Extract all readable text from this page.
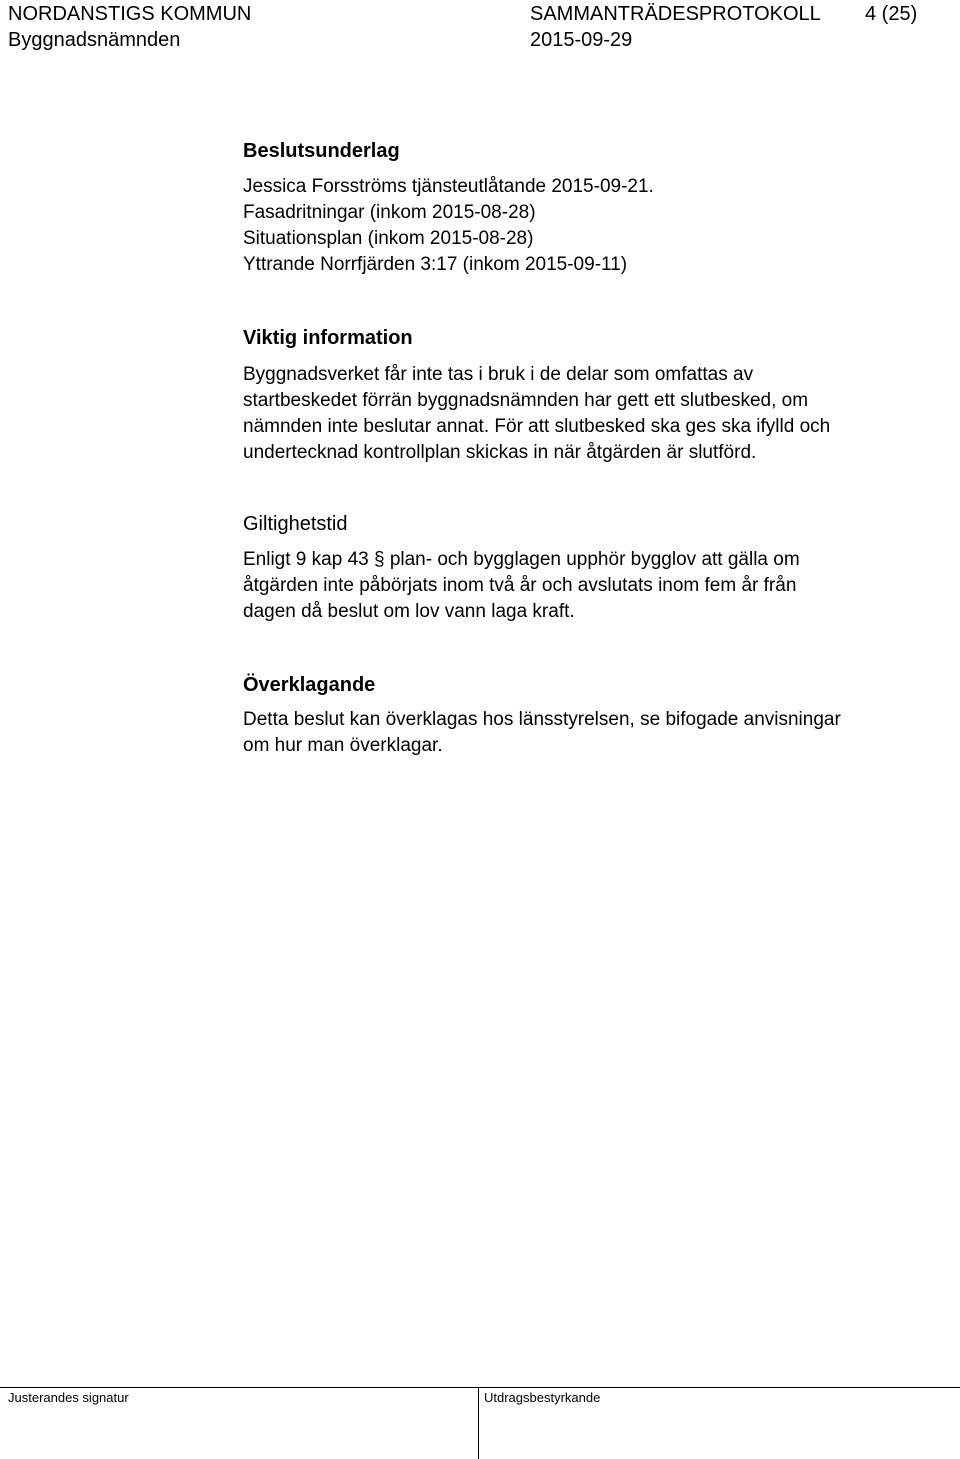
NORDANSTIGS KOMMUN
Byggnadsnämnden
SAMMANTRÄDESPROTOKOLL
2015-09-29
4 (25)
Beslutsunderlag
Jessica Forsströms tjänsteutlåtande 2015-09-21.
Fasadritningar (inkom 2015-08-28)
Situationsplan (inkom 2015-08-28)
Yttrande Norrfjärden 3:17 (inkom 2015-09-11)
Viktig information
Byggnadsverket får inte tas i bruk i de delar som omfattas av
startbeskedet förrän byggnadsnämnden har gett ett slutbesked, om
nämnden inte beslutar annat. För att slutbesked ska ges ska ifylld och
undertecknad kontrollplan skickas in när åtgärden är slutförd.
Giltighetstid
Enligt 9 kap 43 § plan- och bygglagen upphör bygglov att gälla om
åtgärden inte påbörjats inom två år och avslutats inom fem år från
dagen då beslut om lov vann laga kraft.
Överklagande
Detta beslut kan överklagas hos länsstyrelsen, se bifogade anvisningar
om hur man överklagar.
Justerandes signatur	Utdragsbestyrkande
